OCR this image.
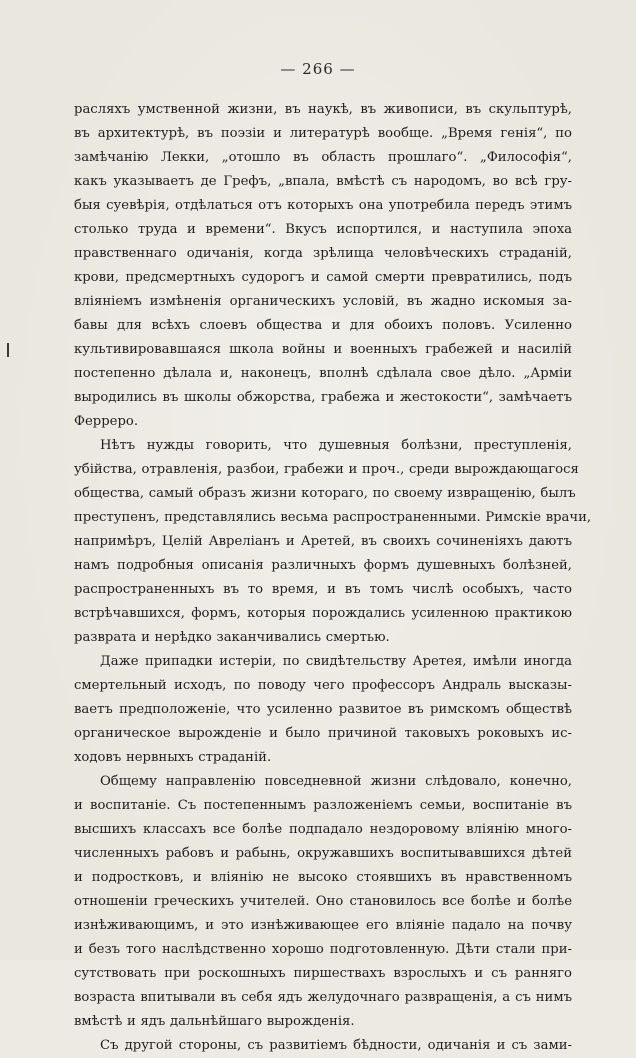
— 266 —
расляхъ умственной жизни, въ наукѣ, въ живописи, въ скульптурѣ,
въ архитектурѣ, въ поэзіи и литературѣ вообще. „Время генія“, по
замѣчанію Лекки, „отошло въ область прошлаго“. „Философія“,
какъ указываетъ де Грефъ, „впала, вмѣстѣ съ народомъ, во всѣ гру-
быя суевѣрія, отдѣлаться отъ которыхъ она употребила передъ этимъ
столько труда и времени“. Вкусъ испортился, и наступила эпоха
правственнаго одичанія, когда зрѣлища человѣческихъ страданій,
крови, предсмертныхъ судорогъ и самой смерти превратились, подъ
вліяніемъ измѣненія органическихъ условій, въ жадно искомыя за-
бавы для всѣхъ слоевъ общества и для обоихъ половъ. Усиленно
культивировавшаяся школа войны и военныхъ грабежей и насилій
постепенно дѣлала и, наконецъ, вполнѣ сдѣлала свое дѣло. „Арміи
выродились въ школы обжорства, грабежа и жестокости“, замѣчаетъ
Ферреро.
Нѣтъ нужды говорить, что душевныя болѣзни, преступленія,
убійства, отравленія, разбои, грабежи и проч., среди вырождающагося
общества, самый образъ жизни котораго, по своему извращенію, былъ
преступенъ, представлялись весьма распространенными. Римскіе врачи,
напримѣръ, Целій Авреліанъ и Аретей, въ своихъ сочиненіяхъ даютъ
намъ подробныя описанія различныхъ формъ душевныхъ болѣзней,
распространенныхъ въ то время, и въ томъ числѣ особыхъ, часто
встрѣчавшихся, формъ, которыя порождались усиленною практикою
разврата и нерѣдко заканчивались смертью.
Даже припадки истеріи, по свидѣтельству Аретея, имѣли иногда
смертельный исходъ, по поводу чего профессоръ Андраль высказы-
ваетъ предположеніе, что усиленно развитое въ римскомъ обществѣ
органическое вырожденіе и было причиной таковыхъ роковыхъ ис-
ходовъ нервныхъ страданій.
Общему направленію повседневной жизни слѣдовало, конечно,
и воспитаніе. Съ постепеннымъ разложеніемъ семьи, воспитаніе въ
высшихъ классахъ все болѣе подпадало нездоровому вліянію много-
численныхъ рабовъ и рабынь, окружавшихъ воспитывавшихся дѣтей
и подростковъ, и вліянію не высоко стоявшихъ въ нравственномъ
отношеніи греческихъ учителей. Оно становилось все болѣе и болѣе
изнѣживающимъ, и это изнѣживающее его вліяніе падало на почву
и безъ того наслѣдственно хорошо подготовленную. Дѣти стали при-
сутствовать при роскошныхъ пиршествахъ взрослыхъ и съ ранняго
возраста впитывали въ себя ядъ желудочнаго развращенія, а съ нимъ
вмѣстѣ и ядъ дальнѣйшаго вырожденія.
Съ другой стороны, съ развитіемъ бѣдности, одичанія и съ зами-
